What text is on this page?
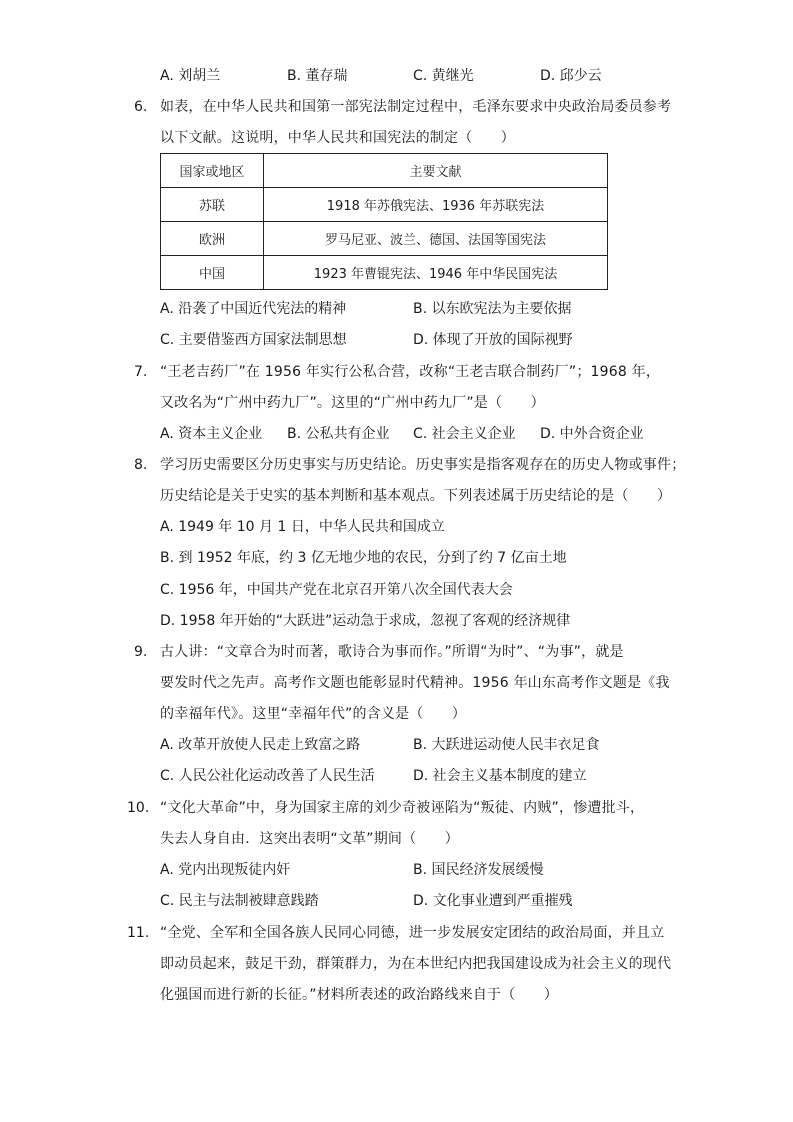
A. 刘胡兰	B. 董存瑞	C. 黄继光	D. 邱少云
6. 如表，在中华人民共和国第一部宪法制定过程中，毛泽东要求中央政治局委员参考
以下文献。这说明，中华人民共和国宪法的制定（　　）
国家或地区	主要文献
苏联	1918 年苏俄宪法、1936 年苏联宪法
欧洲	罗马尼亚、波兰、德国、法国等国宪法
中国	1923 年曹锟宪法、1946 年中华民国宪法
A. 沿袭了中国近代宪法的精神	B. 以东欧宪法为主要依据
C. 主要借鉴西方国家法制思想	D. 体现了开放的国际视野
7. “王老吉药厂”在 1956 年实行公私合营，改称“王老吉联合制药厂”；1968 年，
又改名为“广州中药九厂”。这里的“广州中药九厂”是（　　）
A. 资本主义企业 B. 公私共有企业 C. 社会主义企业 D. 中外合资企业
8. 学习历史需要区分历史事实与历史结论。历史事实是指客观存在的历史人物或事件；
历史结论是关于史实的基本判断和基本观点。下列表述属于历史结论的是（　　）
A. 1949 年 10 月 1 日，中华人民共和国成立
B. 到 1952 年底，约 3 亿无地少地的农民，分到了约 7 亿亩土地
C. 1956 年，中国共产党在北京召开第八次全国代表大会
D. 1958 年开始的“大跃进”运动急于求成，忽视了客观的经济规律
9. 古人讲：“文章合为时而著，歌诗合为事而作。”所谓“为时”、“为事”，就是
要发时代之先声。高考作文题也能彰显时代精神。1956 年山东高考作文题是《我
的幸福年代》。这里“幸福年代”的含义是（　　）
A. 改革开放使人民走上致富之路	B. 大跃进运动使人民丰衣足食
C. 人民公社化运动改善了人民生活	D. 社会主义基本制度的建立
10. “文化大革命”中，身为国家主席的刘少奇被诬陷为“叛徒、内贼”，惨遭批斗，
失去人身自由．这突出表明“文革”期间（　　）
A. 党内出现叛徒内奸	B. 国民经济发展缓慢
C. 民主与法制被肆意践踏	D. 文化事业遭到严重摧残
11. “全党、全军和全国各族人民同心同德，进一步发展安定团结的政治局面，并且立
即动员起来，鼓足干劲，群策群力，为在本世纪内把我国建设成为社会主义的现代
化强国而进行新的长征。”材料所表述的政治路线来自于（　　）
